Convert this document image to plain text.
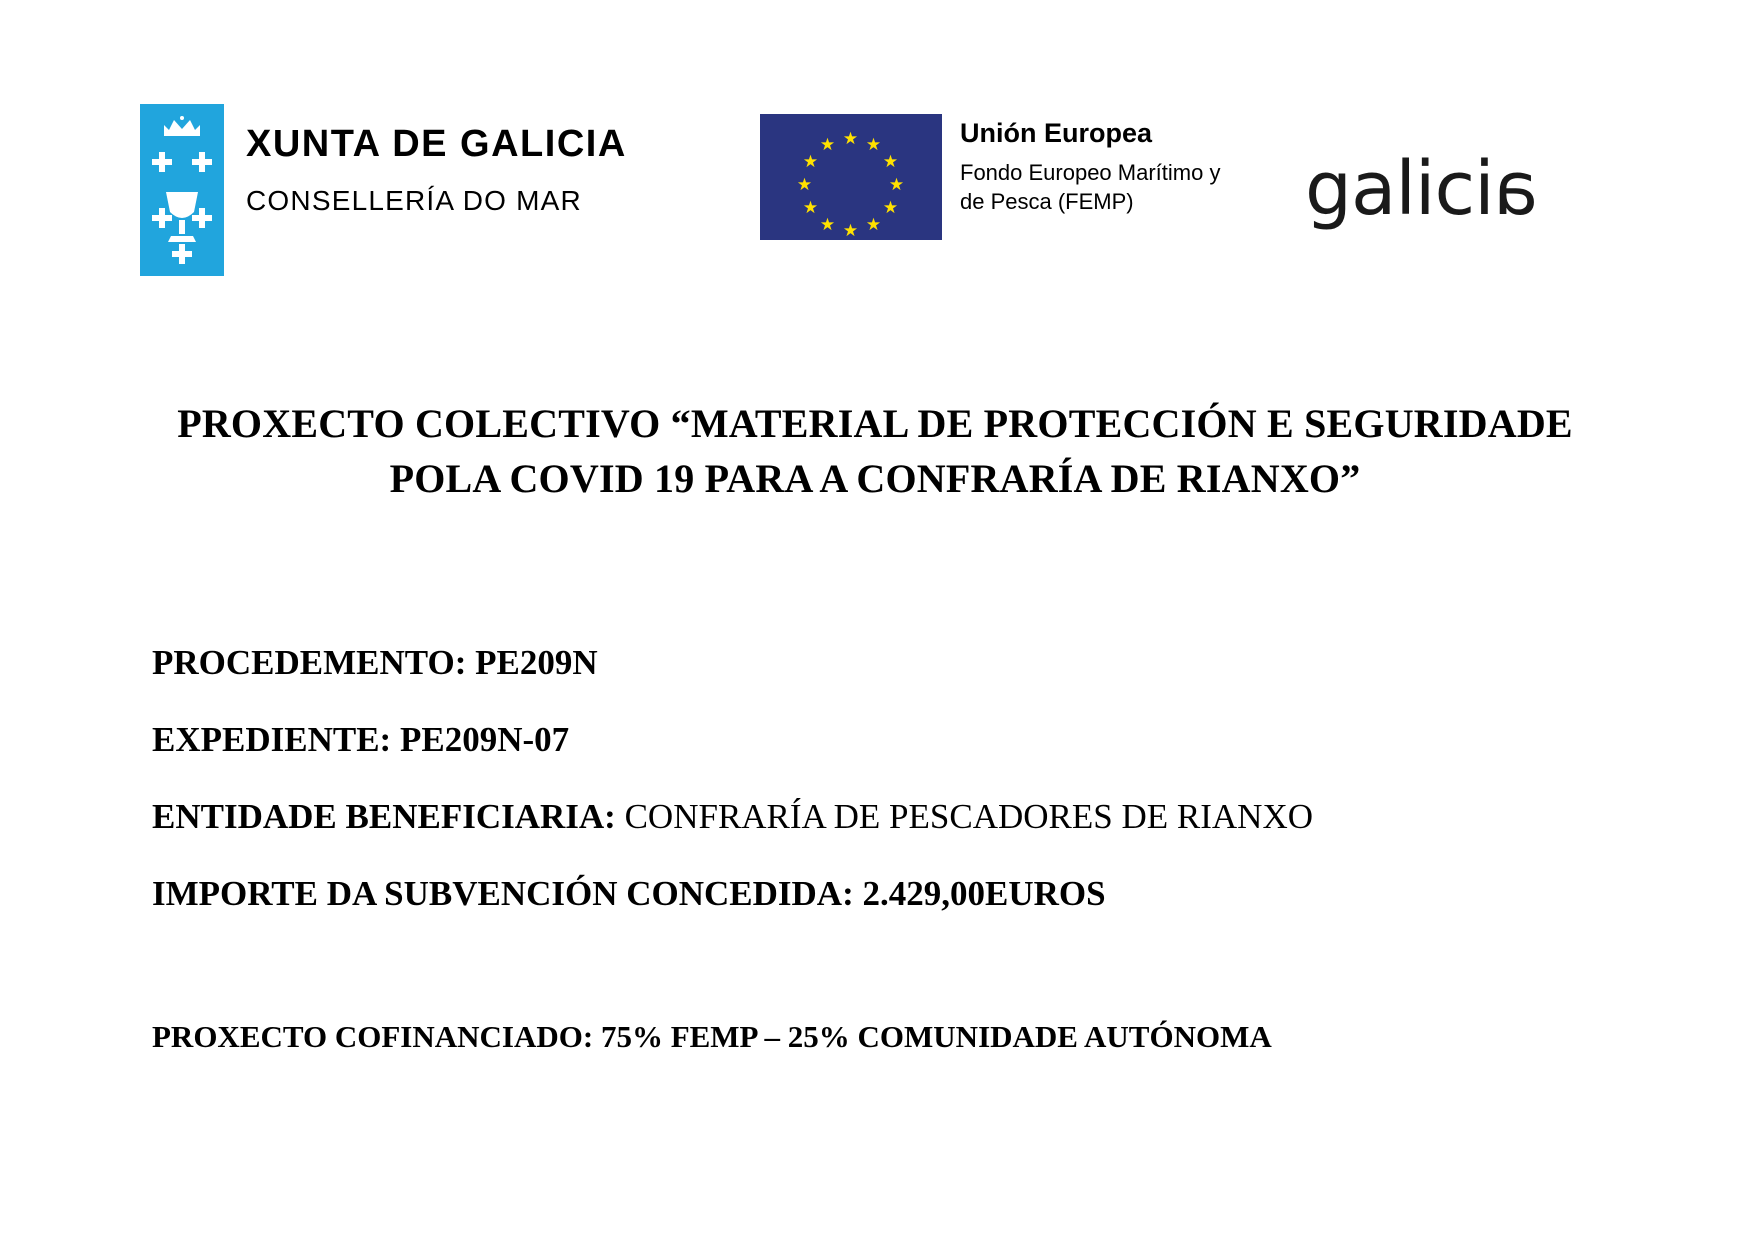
XUNTA DE GALICIA
CONSELLERÍA DO MAR
★ ★
★
★
★
★
★
★
★
★
★
★	Unión Europea
Fondo Europeo Marítimo y
de Pesca (FEMP)	galicia
PROXECTO COLECTIVO “MATERIAL DE PROTECCIÓN E SEGURIDADE POLA COVID 19 PARA A CONFRARÍA DE RIANXO”
PROCEDEMENTO: PE209N
EXPEDIENTE: PE209N-07
ENTIDADE BENEFICIARIA: CONFRARÍA DE PESCADORES DE RIANXO
IMPORTE DA SUBVENCIÓN CONCEDIDA: 2.429,00EUROS
PROXECTO COFINANCIADO: 75% FEMP – 25% COMUNIDADE AUTÓNOMA
